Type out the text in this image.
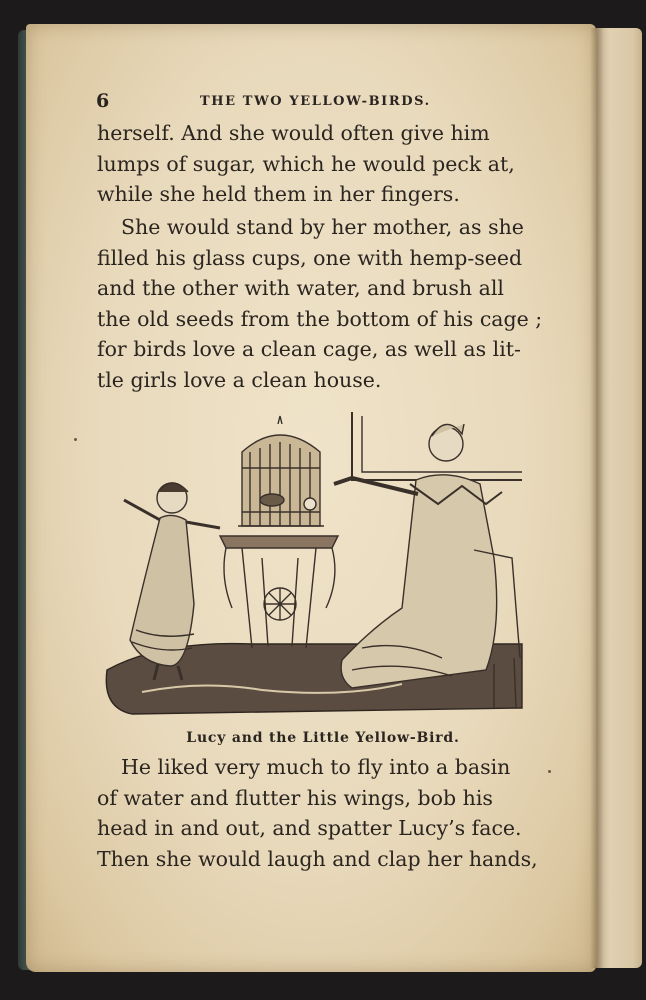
6	THE TWO YELLOW-BIRDS.
herself. And she would often give him
lumps of sugar, which he would peck at,
while she held them in her fingers.
She would stand by her mother, as she
filled his glass cups, one with hemp-seed
and the other with water, and brush all
the old seeds from the bottom of his cage ;
for birds love a clean cage, as well as lit-
tle girls love a clean house.
Lucy and the Little Yellow-Bird.
He liked very much to fly into a basin
of water and flutter his wings, bob his
head in and out, and spatter Lucy’s face.
Then she would laugh and clap her hands,
